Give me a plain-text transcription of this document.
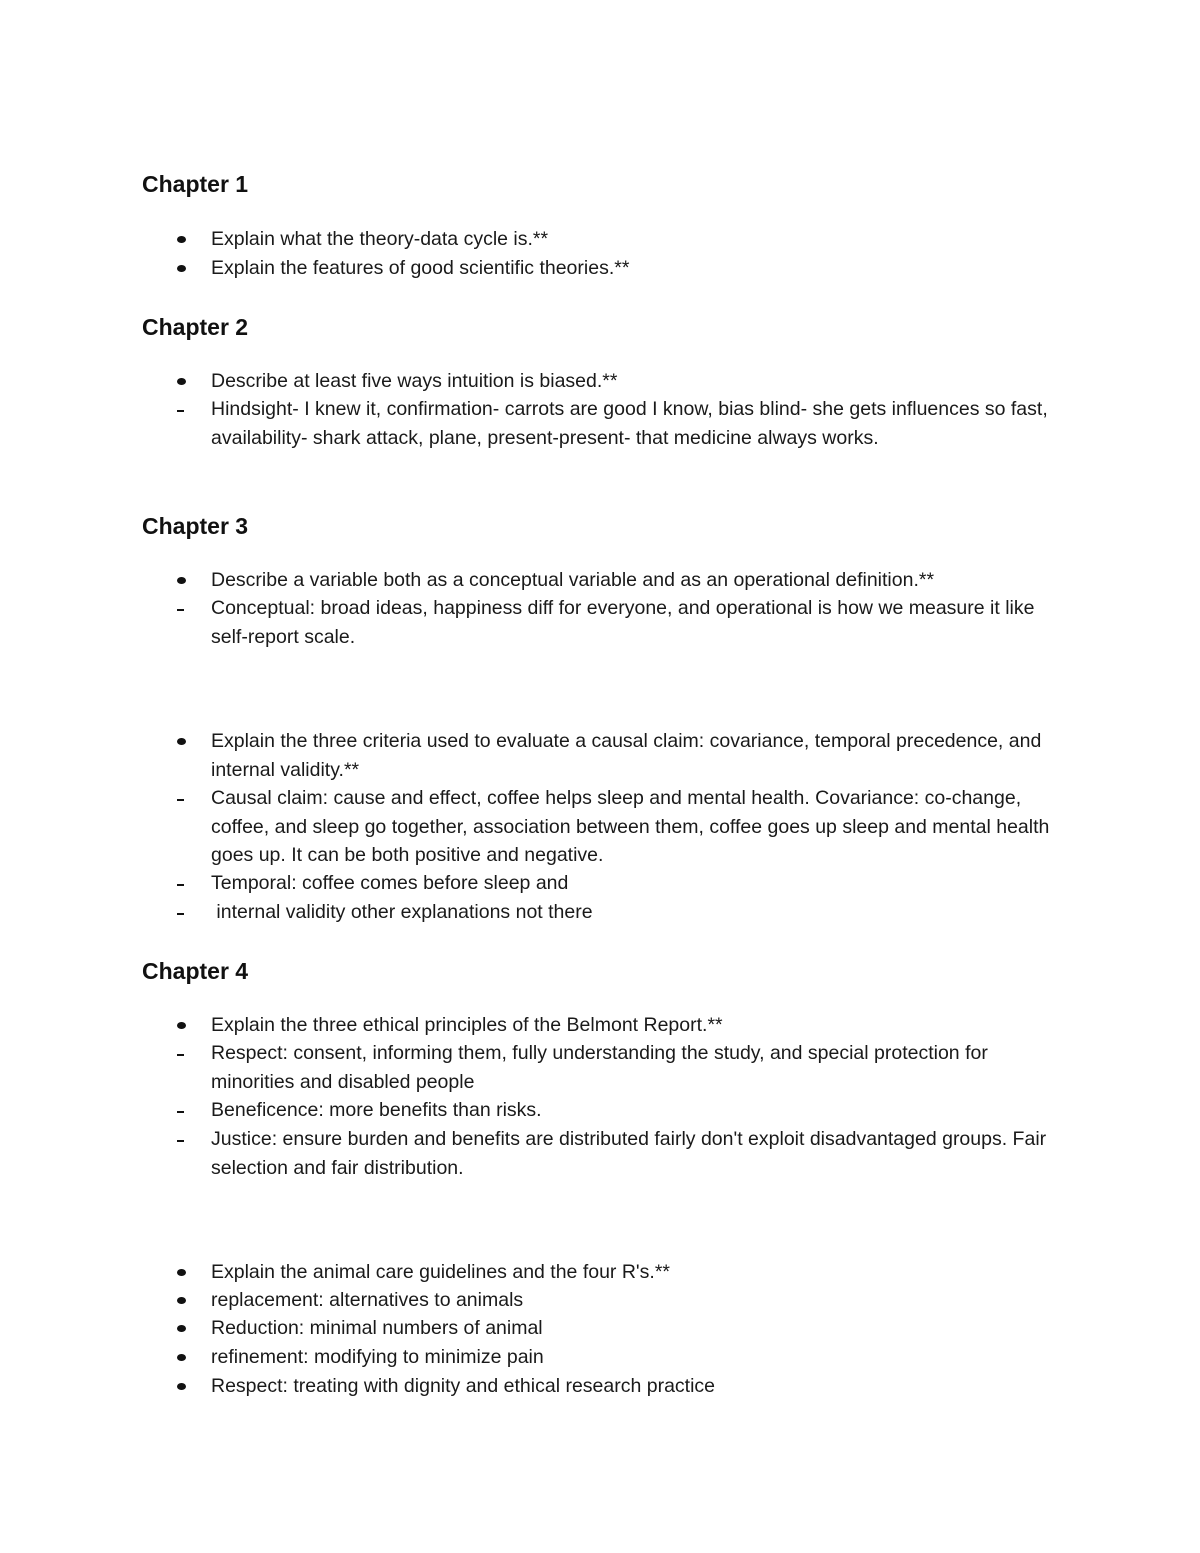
Chapter 1
Explain what the theory-data cycle is.**
Explain the features of good scientific theories.**
Chapter 2
Describe at least five ways intuition is biased.**
Hindsight- I knew it, confirmation- carrots are good I know, bias blind- she gets influences so fast, availability- shark attack, plane, present-present- that medicine always works.
Chapter 3
Describe a variable both as a conceptual variable and as an operational definition.**
Conceptual: broad ideas, happiness diff for everyone, and operational is how we measure it like self-report scale.
Explain the three criteria used to evaluate a causal claim: covariance, temporal precedence, and internal validity.**
Causal claim: cause and effect, coffee helps sleep and mental health. Covariance: co-change, coffee, and sleep go together, association between them, coffee goes up sleep and mental health goes up. It can be both positive and negative.
Temporal: coffee comes before sleep and
internal validity other explanations not there
Chapter 4
Explain the three ethical principles of the Belmont Report.**
Respect: consent, informing them, fully understanding the study, and special protection for minorities and disabled people
Beneficence: more benefits than risks.
Justice: ensure burden and benefits are distributed fairly don't exploit disadvantaged groups. Fair selection and fair distribution.
Explain the animal care guidelines and the four R's.**
replacement: alternatives to animals
Reduction: minimal numbers of animal
refinement: modifying to minimize pain
Respect: treating with dignity and ethical research practice
